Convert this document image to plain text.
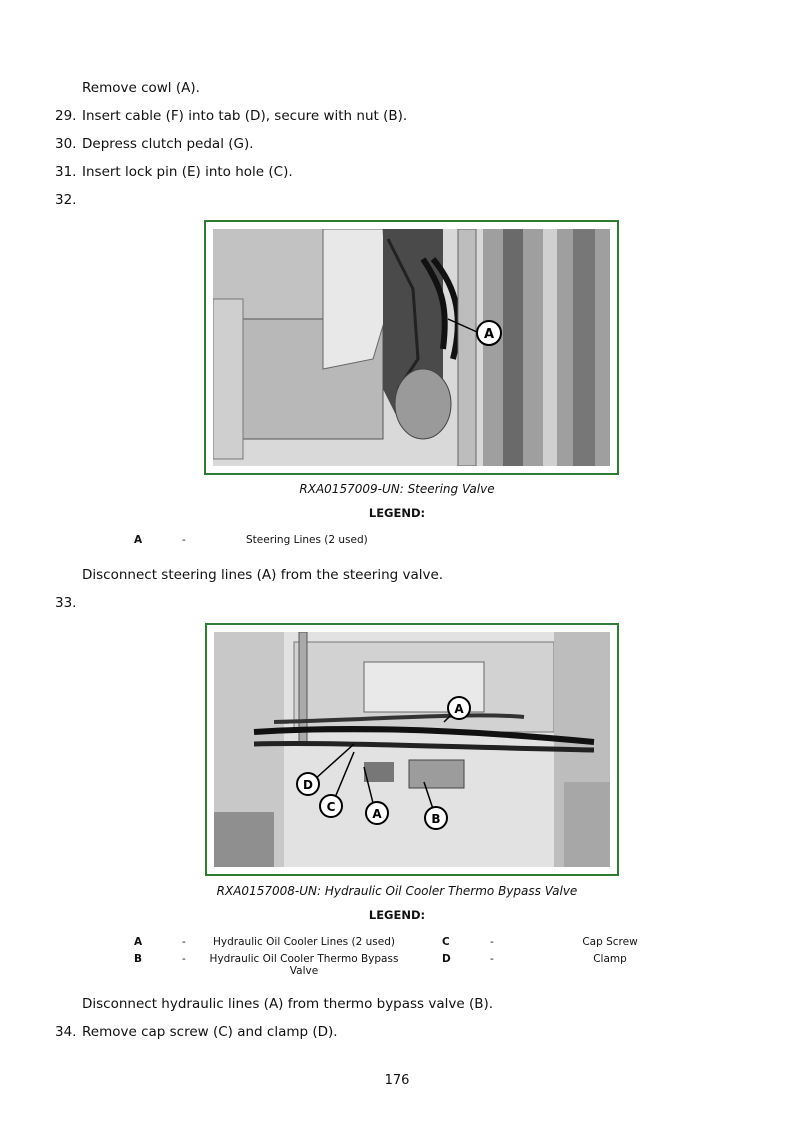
Remove cowl (A).
29. Insert cable (F) into tab (D), secure with nut (B).
30. Depress clutch pedal (G).
31. Insert lock pin (E) into hole (C).
32.
A
RXA0157009-UN: Steering Valve
LEGEND:
A	-	Steering Lines (2 used)
Disconnect steering lines (A) from the steering valve.
33.
A
D
C	A	B
RXA0157008-UN: Hydraulic Oil Cooler Thermo Bypass Valve
LEGEND:
A	-	Hydraulic Oil Cooler Lines (2 used)
B	-	Hydraulic Oil Cooler Thermo Bypass Valve
C	-	Cap Screw
D	-	Clamp
Disconnect hydraulic lines (A) from thermo bypass valve (B).
34. Remove cap screw (C) and clamp (D).
176
